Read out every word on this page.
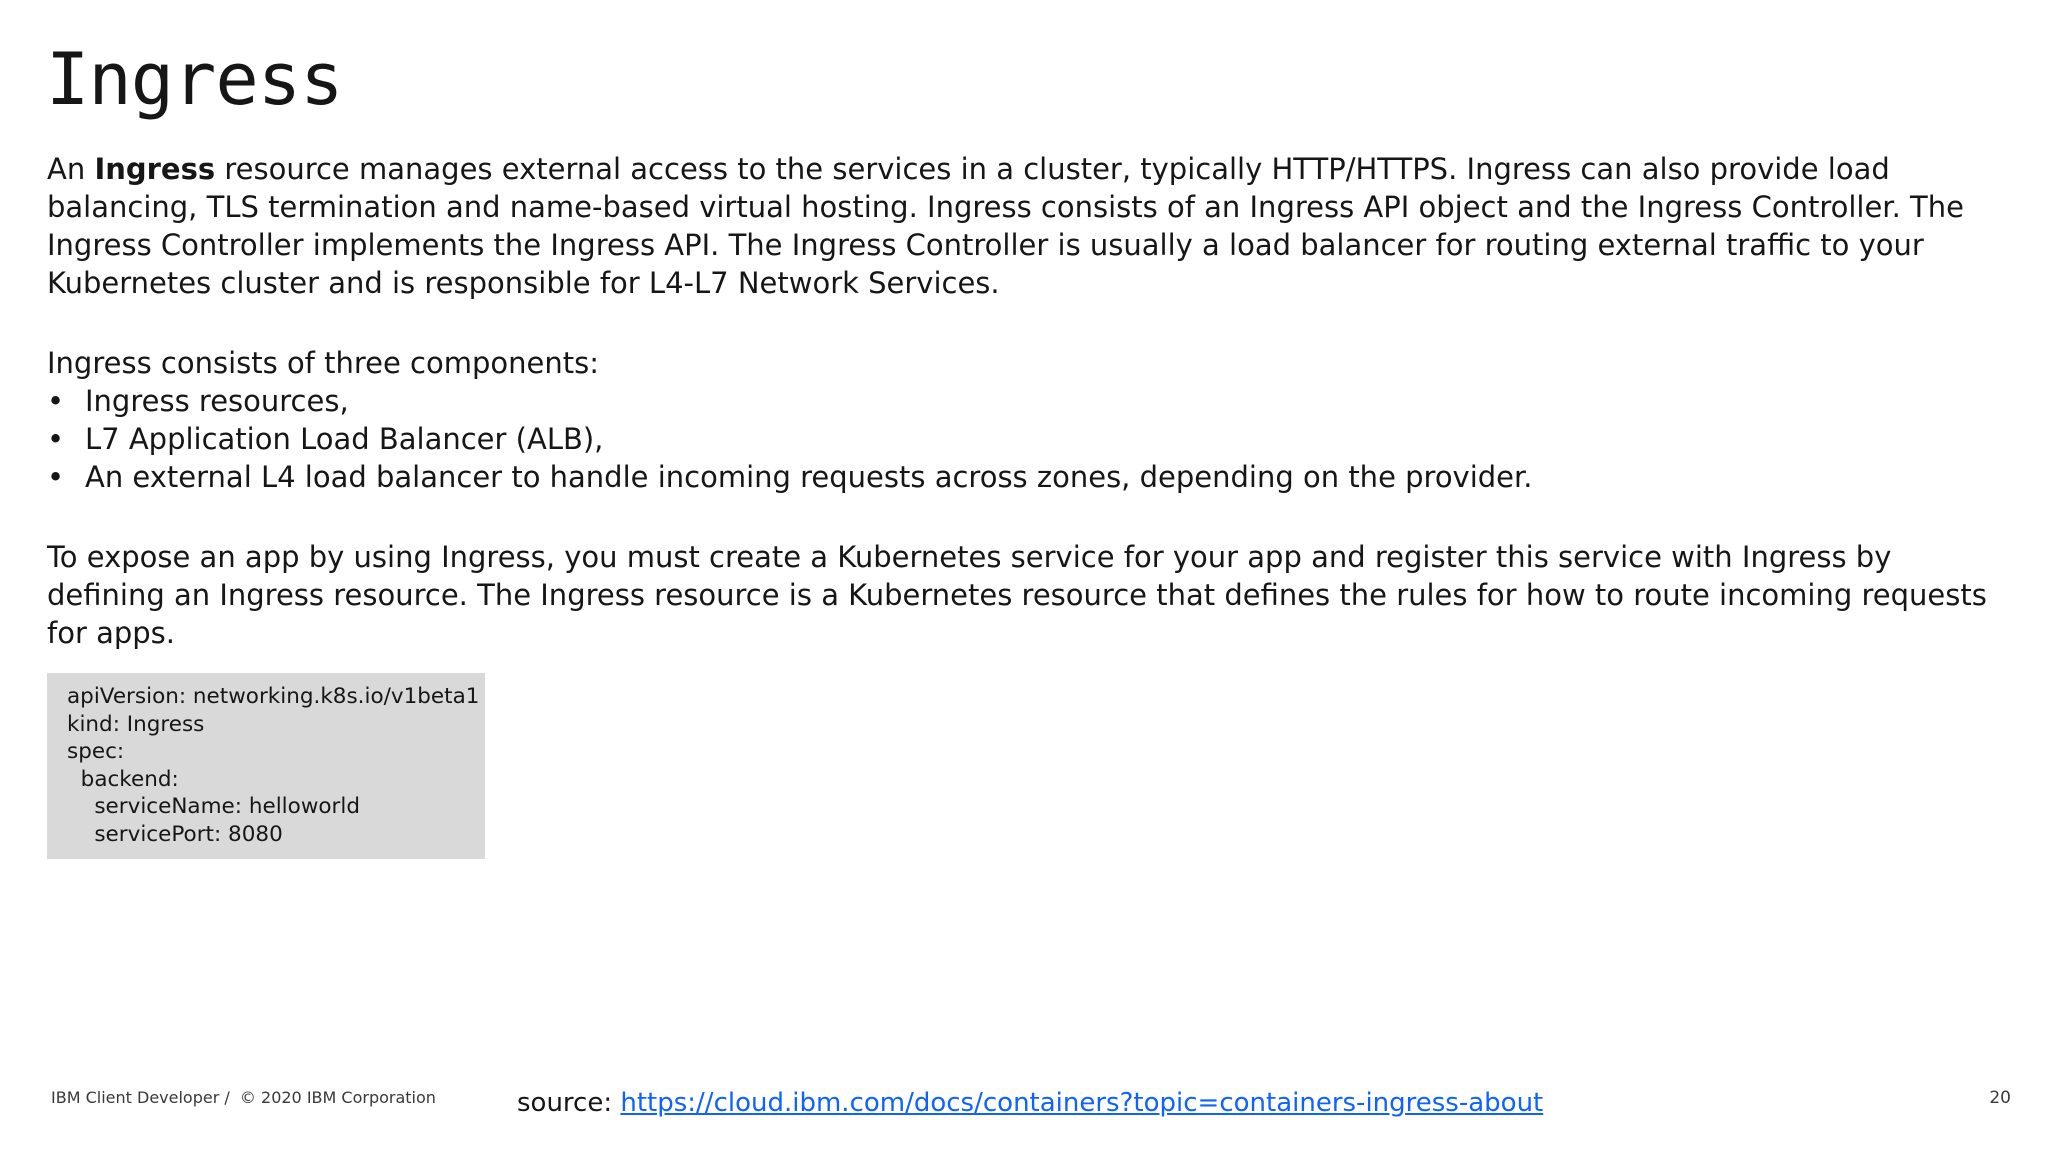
Ingress

An Ingress resource manages external access to the services in a cluster, typically HTTP/HTTPS. Ingress can also provide load balancing, TLS termination and name-based virtual hosting. Ingress consists of an Ingress API object and the Ingress Controller. The Ingress Controller implements the Ingress API. The Ingress Controller is usually a load balancer for routing external traffic to your Kubernetes cluster and is responsible for L4-L7 Network Services.

Ingress consists of three components:

• Ingress resources,
• L7 Application Load Balancer (ALB),
• An external L4 load balancer to handle incoming requests across zones, depending on the provider.

To expose an app by using Ingress, you must create a Kubernetes service for your app and register this service with Ingress by defining an Ingress resource. The Ingress resource is a Kubernetes resource that defines the rules for how to route incoming requests for apps.

apiVersion: networking.k8s.io/v1beta1
kind: Ingress
spec:
backend:
serviceName: helloworld
servicePort: 8080
IBM Client Developer /  © 2020 IBM Corporation	source: https://cloud.ibm.com/docs/containers?topic=containers-ingress-about	20
